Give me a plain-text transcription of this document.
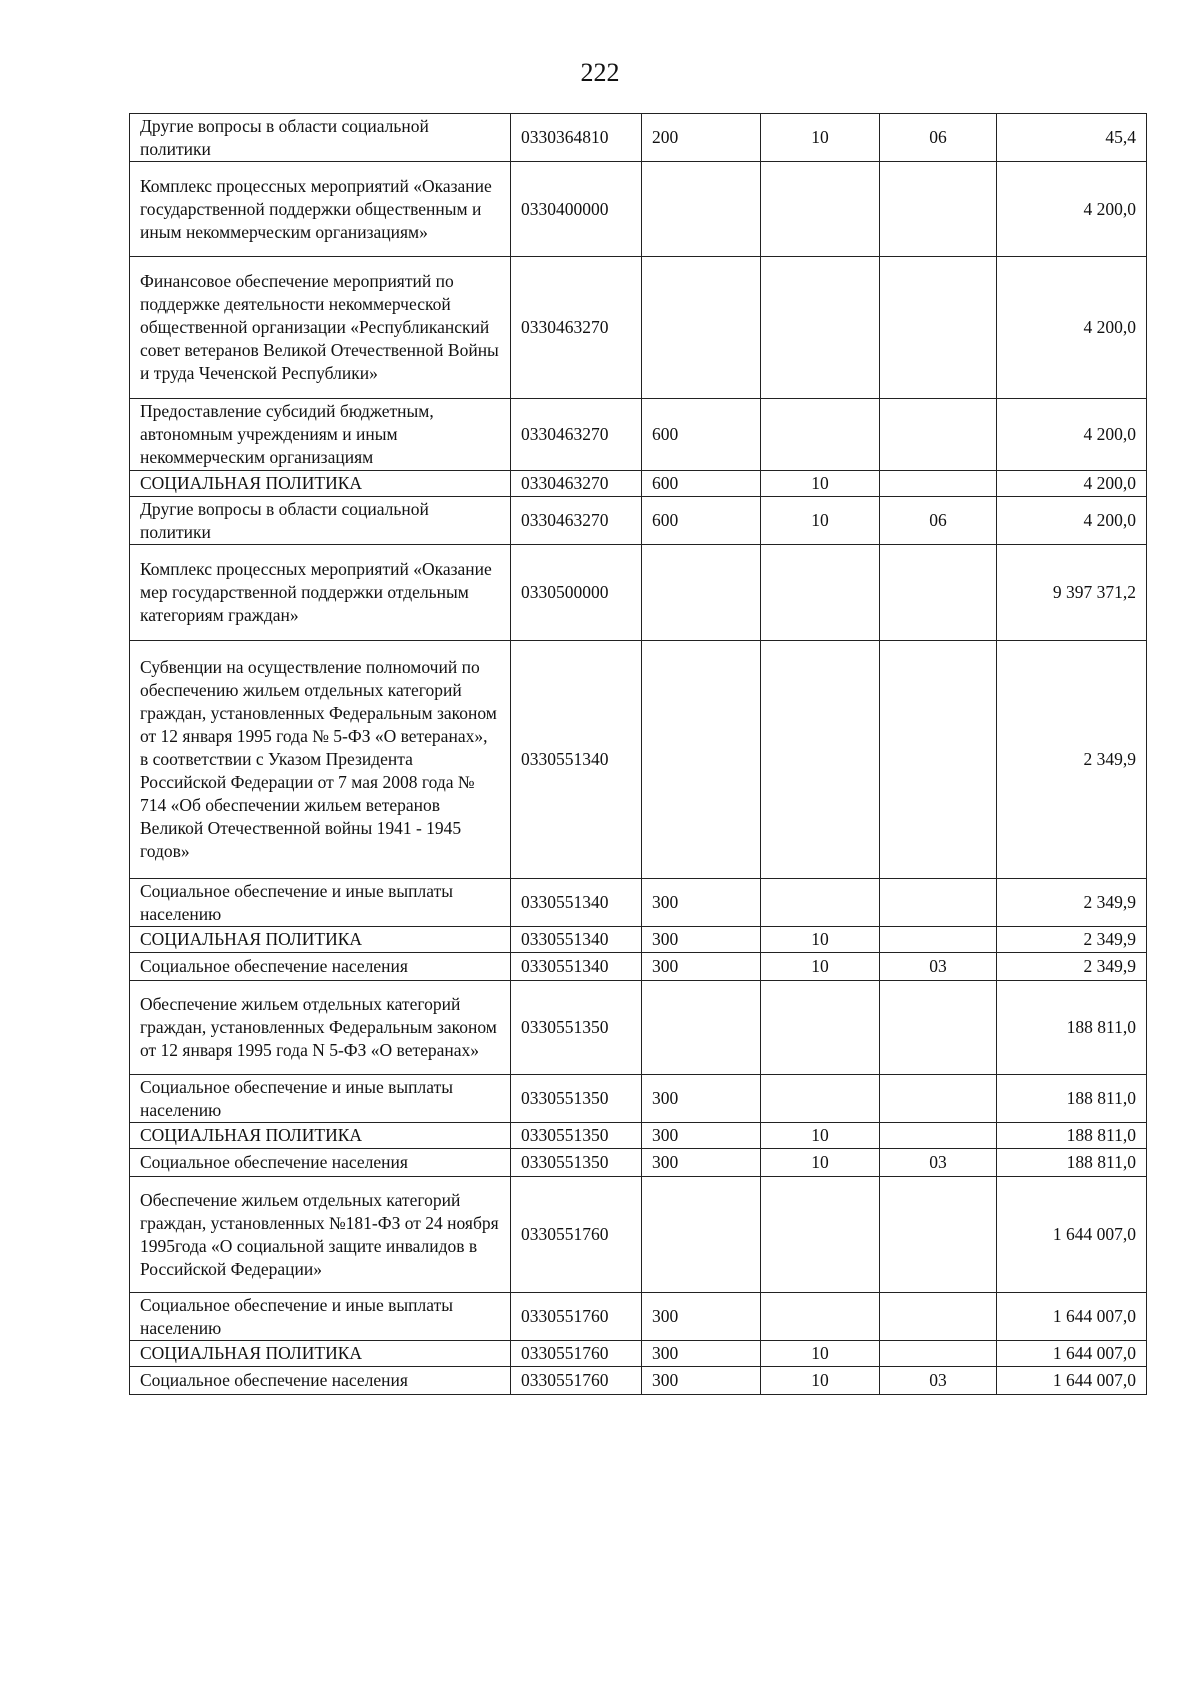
222
Другие вопросы в области социальной политики	0330364810	200	10	06	45,4
Комплекс процессных мероприятий «Оказание государственной поддержки общественным и иным некоммерческим организациям»	0330400000				4 200,0
Финансовое обеспечение мероприятий по поддержке деятельности некоммерческой общественной организации «Республиканский совет ветеранов Великой Отечественной Войны и труда Чеченской Республики»	0330463270				4 200,0
Предоставление субсидий бюджетным, автономным учреждениям и иным некоммерческим организациям	0330463270	600			4 200,0
СОЦИАЛЬНАЯ ПОЛИТИКА	0330463270	600	10		4 200,0
Другие вопросы в области социальной политики	0330463270	600	10	06	4 200,0
Комплекс процессных мероприятий «Оказание мер государственной поддержки отдельным категориям граждан»	0330500000				9 397 371,2
Субвенции на осуществление полномочий по обеспечению жильем отдельных категорий граждан, установленных Федеральным законом от 12 января 1995 года № 5-ФЗ «О ветеранах», в соответствии с Указом Президента Российской Федерации от 7 мая 2008 года № 714 «Об обеспечении жильем ветеранов Великой Отечественной войны 1941 - 1945 годов»	0330551340				2 349,9
Социальное обеспечение и иные выплаты населению	0330551340	300			2 349,9
СОЦИАЛЬНАЯ ПОЛИТИКА	0330551340	300	10		2 349,9
Социальное обеспечение населения	0330551340	300	10	03	2 349,9
Обеспечение жильем отдельных категорий граждан, установленных Федеральным законом от 12 января 1995 года N 5-ФЗ «О ветеранах»	0330551350				188 811,0
Социальное обеспечение и иные выплаты населению	0330551350	300			188 811,0
СОЦИАЛЬНАЯ ПОЛИТИКА	0330551350	300	10		188 811,0
Социальное обеспечение населения	0330551350	300	10	03	188 811,0
Обеспечение жильем отдельных категорий граждан, установленных №181-ФЗ от 24 ноября 1995года «О социальной защите инвалидов в Российской Федерации»	0330551760				1 644 007,0
Социальное обеспечение и иные выплаты населению	0330551760	300			1 644 007,0
СОЦИАЛЬНАЯ ПОЛИТИКА	0330551760	300	10		1 644 007,0
Социальное обеспечение населения	0330551760	300	10	03	1 644 007,0
